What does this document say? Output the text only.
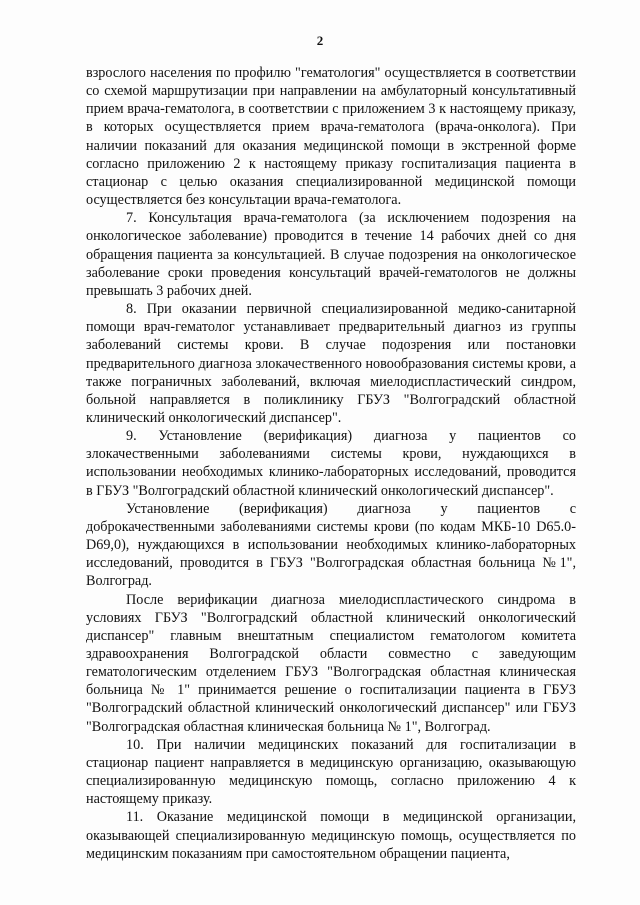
2

взрослого населения по профилю "гематология" осуществляется в соответствии со схемой маршрутизации при направлении на амбулаторный консультативный прием врача-гематолога, в соответствии с приложением 3 к настоящему приказу, в которых осуществляется прием врача-гематолога (врача-онколога). При наличии показаний для оказания медицинской помощи в экстренной форме согласно приложению 2 к настоящему приказу госпитализация пациента в стационар с целью оказания специализированной медицинской помощи осуществляется без консультации врача-гематолога.

7. Консультация врача-гематолога (за исключением подозрения на онкологическое заболевание) проводится в течение 14 рабочих дней со дня обращения пациента за консультацией. В случае подозрения на онкологическое заболевание сроки проведения консультаций врачей-гематологов не должны превышать 3 рабочих дней.

8. При оказании первичной специализированной медико-санитарной помощи врач-гематолог устанавливает предварительный диагноз из группы заболеваний системы крови. В случае подозрения или постановки предварительного диагноза злокачественного новообразования системы крови, а также пограничных заболеваний, включая миелодиспластический синдром, больной направляется в поликлинику ГБУЗ "Волгоградский областной клинический онкологический диспансер".

9. Установление (верификация) диагноза у пациентов со злокачественными заболеваниями системы крови, нуждающихся в использовании необходимых клинико-лабораторных исследований, проводится в ГБУЗ "Волгоградский областной клинический онкологический диспансер".

Установление (верификация) диагноза у пациентов с доброкачественными заболеваниями системы крови (по кодам МКБ-10 D65.0-D69,0), нуждающихся в использовании необходимых клинико-лабораторных исследований, проводится в ГБУЗ "Волгоградская областная больница №1", Волгоград.

После верификации диагноза миелодиспластического синдрома в условиях ГБУЗ "Волгоградский областной клинический онкологический диспансер" главным внештатным специалистом гематологом комитета здравоохранения Волгоградской области совместно с заведующим гематологическим отделением ГБУЗ "Волгоградская областная клиническая больница № 1" принимается решение о госпитализации пациента в ГБУЗ "Волгоградский областной клинический онкологический диспансер" или ГБУЗ "Волгоградская областная клиническая больница № 1", Волгоград.

10. При наличии медицинских показаний для госпитализации в стационар пациент направляется в медицинскую организацию, оказывающую специализированную медицинскую помощь, согласно приложению 4 к настоящему приказу.

11. Оказание медицинской помощи в медицинской организации, оказывающей специализированную медицинскую помощь, осуществляется по медицинским показаниям при самостоятельном обращении пациента,
